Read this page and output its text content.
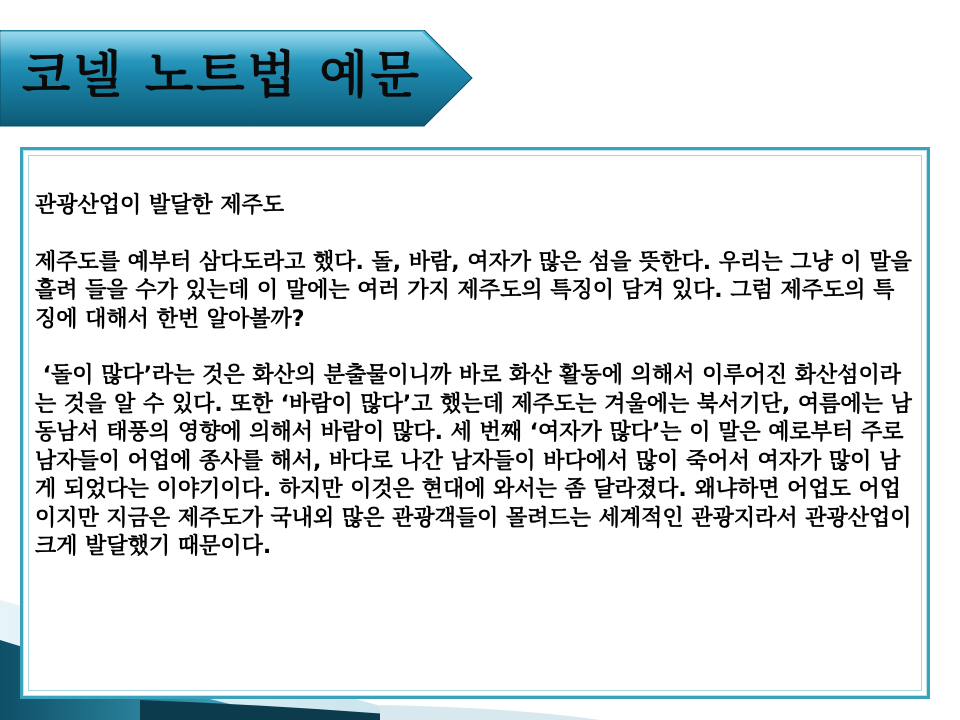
코넬 노트법 예문

관광산업이 발달한 제주도

제주도를 예부터 삼다도라고 했다. 돌, 바람, 여자가 많은 섬을 뜻한다. 우리는 그냥 이 말을 흘려 들을 수가 있는데 이 말에는 여러 가지 제주도의 특징이 담겨 있다. 그럼 제주도의 특징에 대해서 한번 알아볼까?

‘돌이 많다’라는 것은 화산의 분출물이니까 바로 화산 활동에 의해서 이루어진 화산섬이라는 것을 알 수 있다. 또한 ‘바람이 많다’고 했는데 제주도는 겨울에는 북서기단, 여름에는 남동남서 태풍의 영향에 의해서 바람이 많다. 세 번째 ‘여자가 많다’는 이 말은 예로부터 주로 남자들이 어업에 종사를 해서, 바다로 나간 남자들이 바다에서 많이 죽어서 여자가 많이 남게 되었다는 이야기이다. 하지만 이것은 현대에 와서는 좀 달라졌다. 왜냐하면 어업도 어업이지만 지금은 제주도가 국내외 많은 관광객들이 몰려드는 세계적인 관광지라서 관광산업이 크게 발달했기 때문이다.
